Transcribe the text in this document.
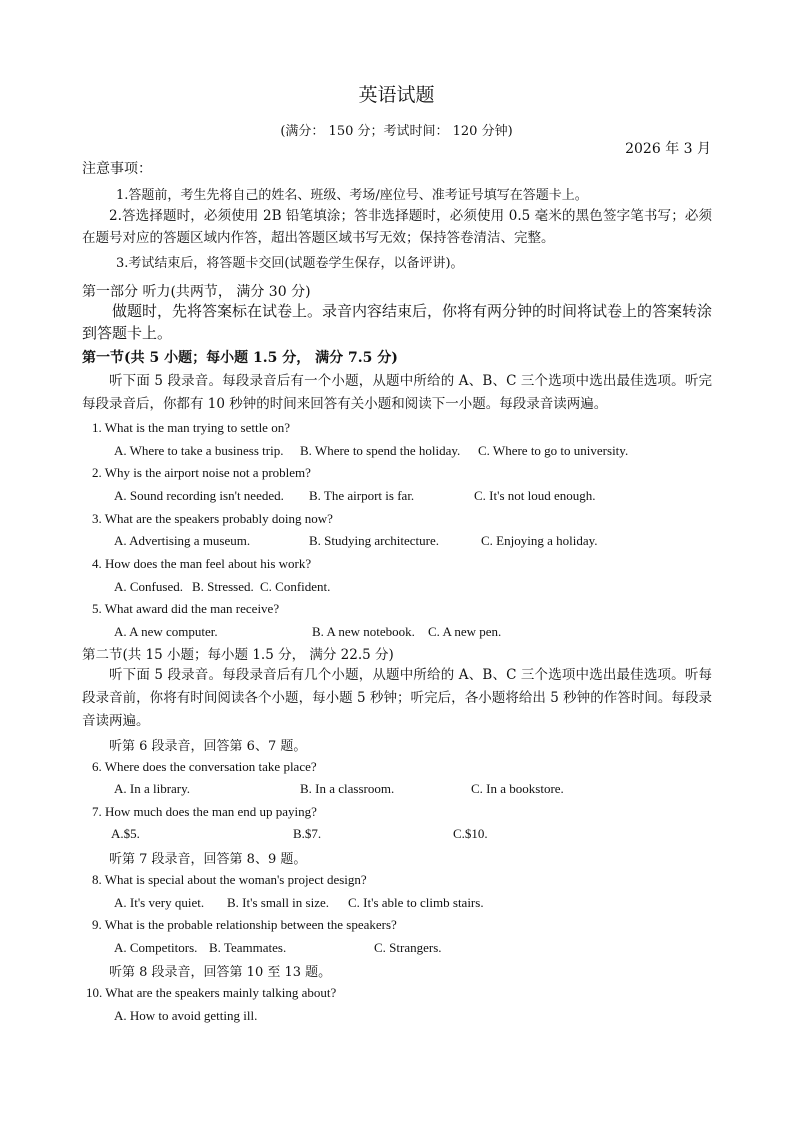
英语试题
(满分： 150 分；考试时间： 120 分钟)
2026 年 3 月
注意事项：
1.答题前，考生先将自己的姓名、班级、考场/座位号、准考证号填写在答题卡上。
2.答选择题时，必须使用 2B 铅笔填涂；答非选择题时，必须使用 0.5 毫米的黑色签字笔书写；必须在题号对应的答题区域内作答，超出答题区域书写无效；保持答卷清洁、完整。
3.考试结束后，将答题卡交回(试题卷学生保存，以备评讲)。
第一部分 听力(共两节， 满分 30 分)
做题时，先将答案标在试卷上。录音内容结束后，你将有两分钟的时间将试卷上的答案转涂到答题卡上。
第一节(共 5 小题；每小题 1.5 分， 满分 7.5 分)
听下面 5 段录音。每段录音后有一个小题，从题中所给的 A、B、C 三个选项中选出最佳选项。听完每段录音后，你都有 10 秒钟的时间来回答有关小题和阅读下一小题。每段录音读两遍。
1. What is the man trying to settle on?
A. Where to take a business trip. B. Where to spend the holiday. C. Where to go to university.
2. Why is the airport noise not a problem?
A. Sound recording isn't needed. B. The airport is far.	C. It's not loud enough.
3. What are the speakers probably doing now?
A. Advertising a museum.	B. Studying architecture.	C. Enjoying a holiday.
4. How does the man feel about his work?
A. Confused. B. Stressed. C. Confident.
5. What award did the man receive?
A. A new computer.	B. A new notebook. C. A new pen.
第二节(共 15 小题；每小题 1.5 分， 满分 22.5 分)
听下面 5 段录音。每段录音后有几个小题，从题中所给的 A、B、C 三个选项中选出最佳选项。听每段录音前，你将有时间阅读各个小题，每小题 5 秒钟；听完后，各小题将给出 5 秒钟的作答时间。每段录音读两遍。
听第 6 段录音，回答第 6、7 题。
6. Where does the conversation take place?
A. In a library.	B. In a classroom.	C. In a bookstore.
7. How much does the man end up paying?
A.$5.	B.$7.	C.$10.
听第 7 段录音，回答第 8、9 题。
8. What is special about the woman's project design?
A. It's very quiet. B. It's small in size. C. It's able to climb stairs.
9. What is the probable relationship between the speakers?
A. Competitors. B. Teammates.	C. Strangers.
听第 8 段录音，回答第 10 至 13 题。
10. What are the speakers mainly talking about?
A. How to avoid getting ill.
